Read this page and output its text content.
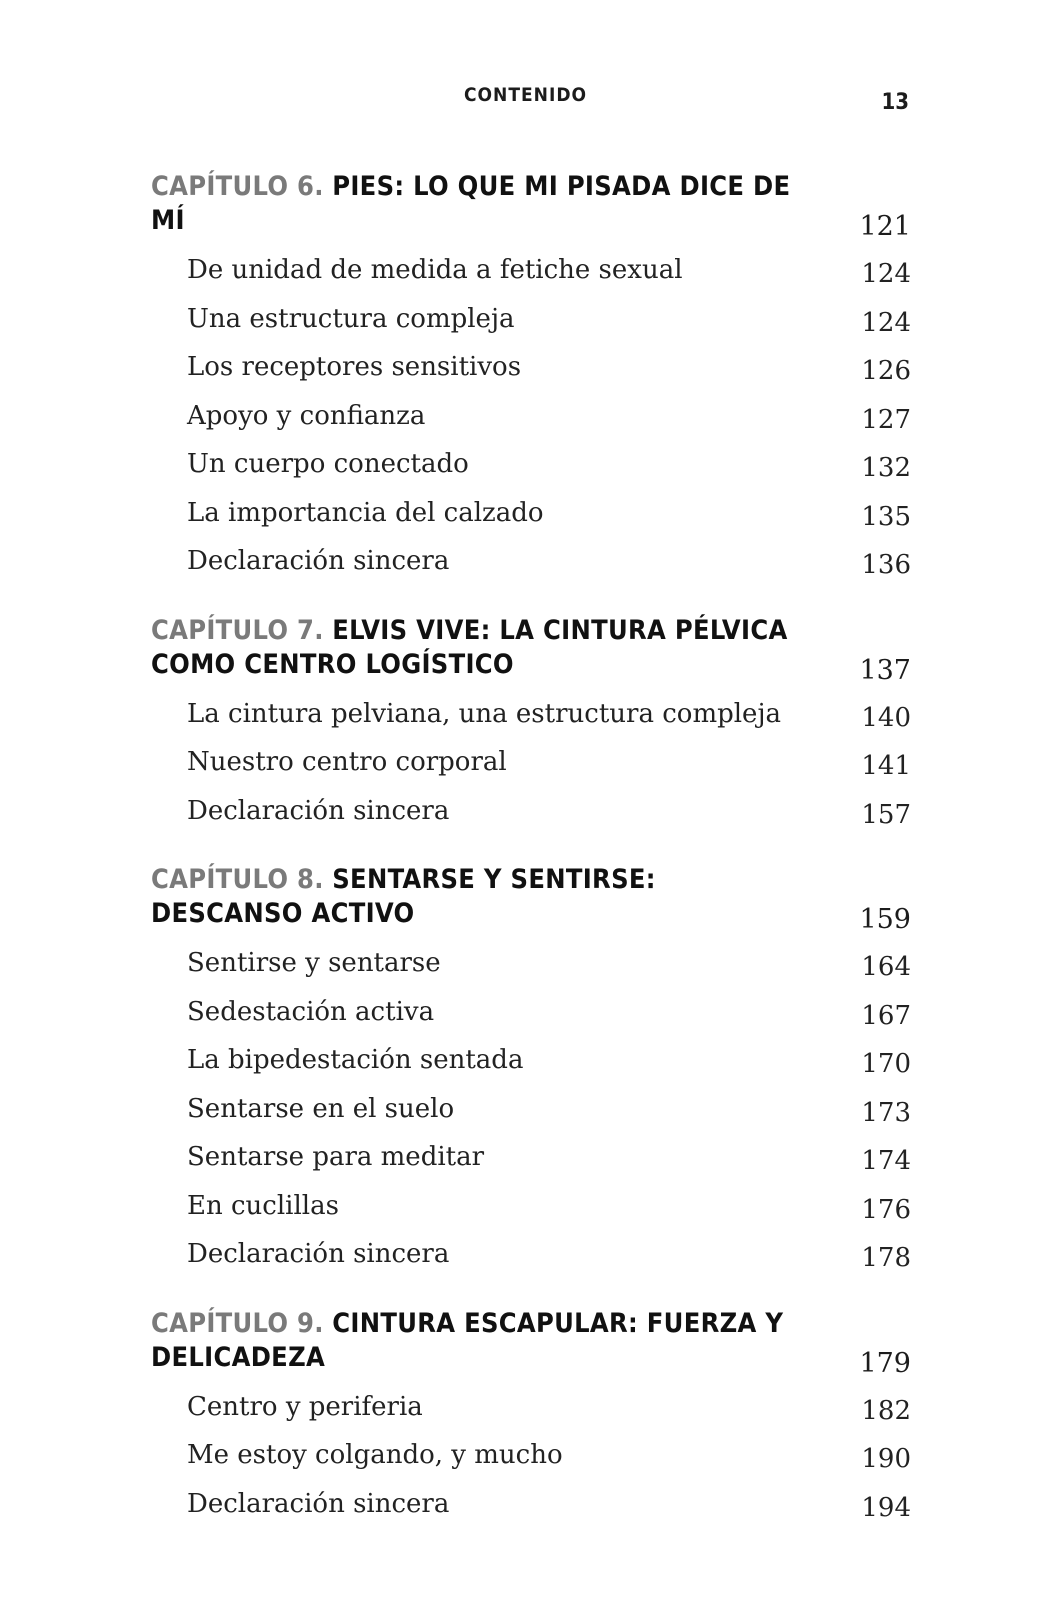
CONTENIDO	13
CAPÍTULO 6. PIES: LO QUE MI PISADA DICE DE MÍ	121
De unidad de medida a fetiche sexual	124
Una estructura compleja	124
Los receptores sensitivos	126
Apoyo y confianza	127
Un cuerpo conectado	132
La importancia del calzado	135
Declaración sincera	136
CAPÍTULO 7. ELVIS VIVE: LA CINTURA PÉLVICA COMO CENTRO LOGÍSTICO	137
La cintura pelviana, una estructura compleja	140
Nuestro centro corporal	141
Declaración sincera	157
CAPÍTULO 8. SENTARSE Y SENTIRSE: DESCANSO ACTIVO	159
Sentirse y sentarse	164
Sedestación activa	167
La bipedestación sentada	170
Sentarse en el suelo	173
Sentarse para meditar	174
En cuclillas	176
Declaración sincera	178
CAPÍTULO 9. CINTURA ESCAPULAR: FUERZA Y DELICADEZA	179
Centro y periferia	182
Me estoy colgando, y mucho	190
Declaración sincera	194
